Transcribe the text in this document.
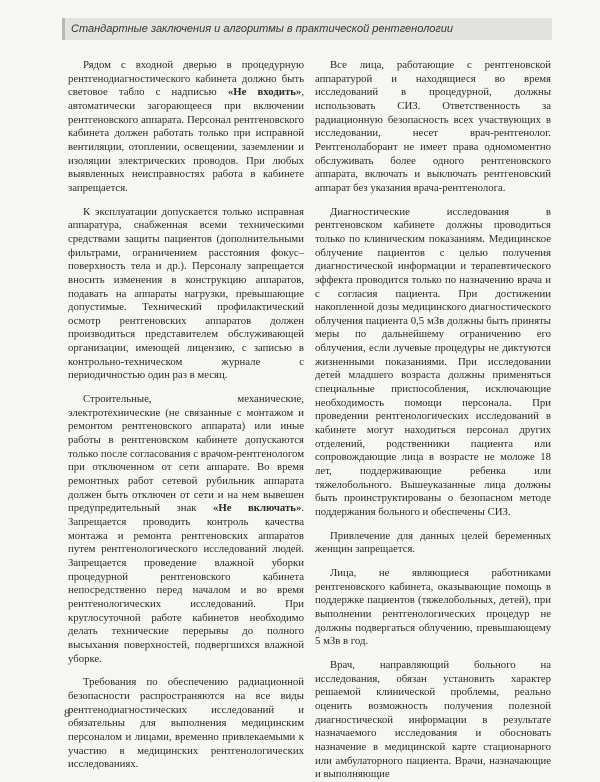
Стандартные заключения и алгоритмы в практической рентгенологии

Рядом с входной дверью в процедурную рентгенодиагностического кабинета должно быть световое табло с надписью «Не входить», автоматически загорающееся при включении рентгеновского аппарата. Персонал рентгеновского кабинета должен работать только при исправной вентиляции, отоплении, освещении, заземлении и изоляции электрических проводов. При любых выявленных неисправностях работа в кабинете запрещается.

К эксплуатации допускается только исправная аппаратура, снабженная всеми техническими средствами защиты пациентов (дополнительными фильтрами, ограничением расстояния фокус–поверхность тела и др.). Персоналу запрещается вносить изменения в конструкцию аппаратов, подавать на аппараты нагрузки, превышающие допустимые. Технический профилактический осмотр рентгеновских аппаратов должен производиться представителем обслуживающей организации, имеющей лицензию, с записью в контрольно-техническом журнале с периодичностью один раз в месяц.

Строительные, механические, электротехнические (не связанные с монтажом и ремонтом рентгеновского аппарата) или иные работы в рентгеновском кабинете допускаются только после согласования с врачом-рентгенологом при отключенном от сети аппарате. Во время ремонтных работ сетевой рубильник аппарата должен быть отключен от сети и на нем вывешен предупредительный знак «Не включать». Запрещается проводить контроль качества монтажа и ремонта рентгеновских аппаратов путем рентгенологического исследований людей. Запрещается проведение влажной уборки процедурной рентгеновского кабинета непосредственно перед началом и во время рентгенологических исследований. При круглосуточной работе кабинетов необходимо делать технические перерывы до полного высыхания поверхностей, подвергшихся влажной уборке.

Требования по обеспечению радиационной безопасности распространяются на все виды рентгенодиагностических исследований и обязательны для выполнения медицинским персоналом и лицами, временно привлекаемыми к участию в медицинских рентгенологических исследованиях.

Все лица, работающие с рентгеновской аппаратурой и находящиеся во время исследований в процедурной, должны использовать СИЗ. Ответственность за радиационную безопасность всех участвующих в исследовании, несет врач-рентгенолог. Рентгенолаборант не имеет права одномоментно обслуживать более одного рентгеновского аппарата, включать и выключать рентгеновский аппарат без указания врача-рентгенолога.

Диагностические исследования в рентгеновском кабинете должны проводиться только по клиническим показаниям. Медицинское облучение пациентов с целью получения диагностической информации и терапевтического эффекта проводится только по назначению врача и с согласия пациента. При достижении накопленной дозы медицинского диагностического облучения пациента 0,5 мЗв должны быть приняты меры по дальнейшему ограничению его облучения, если лучевые процедуры не диктуются жизненными показаниями. При исследовании детей младшего возраста должны применяться специальные приспособления, исключающие необходимость помощи персонала. При проведении рентгенологических исследований в кабинете могут находиться персонал других отделений, родственники пациента или сопровождающие лица в возрасте не моложе 18 лет, поддерживающие ребенка или тяжелобольного. Вышеуказанные лица должны быть проинструктированы о безопасном методе поддержания больного и обеспечены СИЗ.

Привлечение для данных целей беременных женщин запрещается.

Лица, не являющиеся работниками рентгеновского кабинета, оказывающие помощь в поддержке пациентов (тяжелобольных, детей), при выполнении рентгенологических процедур не должны подвергаться облучению, превышающему 5 мЗв в год.

Врач, направляющий больного на исследования, обязан установить характер решаемой клинической проблемы, реально оценить возможность получения полезной диагностической информации в результате назначаемого исследования и обосновать назначение в медицинской карте стационарного или амбулаторного пациента. Врачи, назначающие и выполняющие

8
